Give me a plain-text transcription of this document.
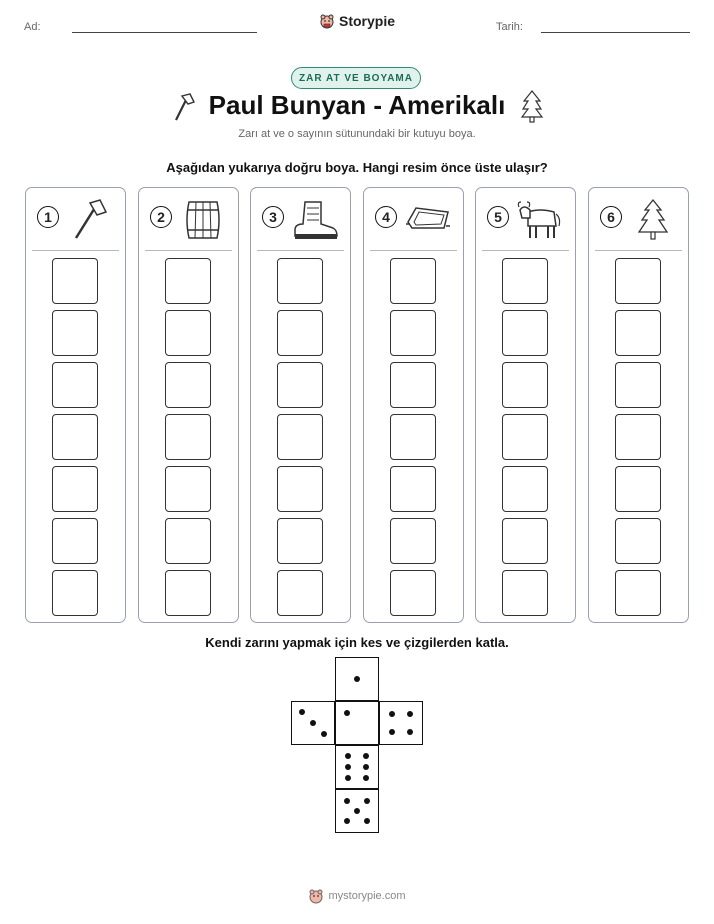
Ad:	Storypie	Tarih:
ZAR AT VE BOYAMA
Paul Bunyan - Amerikalı
Zarı at ve o sayının sütunundaki bir kutuyu boya.
Aşağıdan yukarıya doğru boya. Hangi resim önce üste ulaşır?
1	2	3	4	5	6
Kendi zarını yapmak için kes ve çizgilerden katla.
mystorypie.com
